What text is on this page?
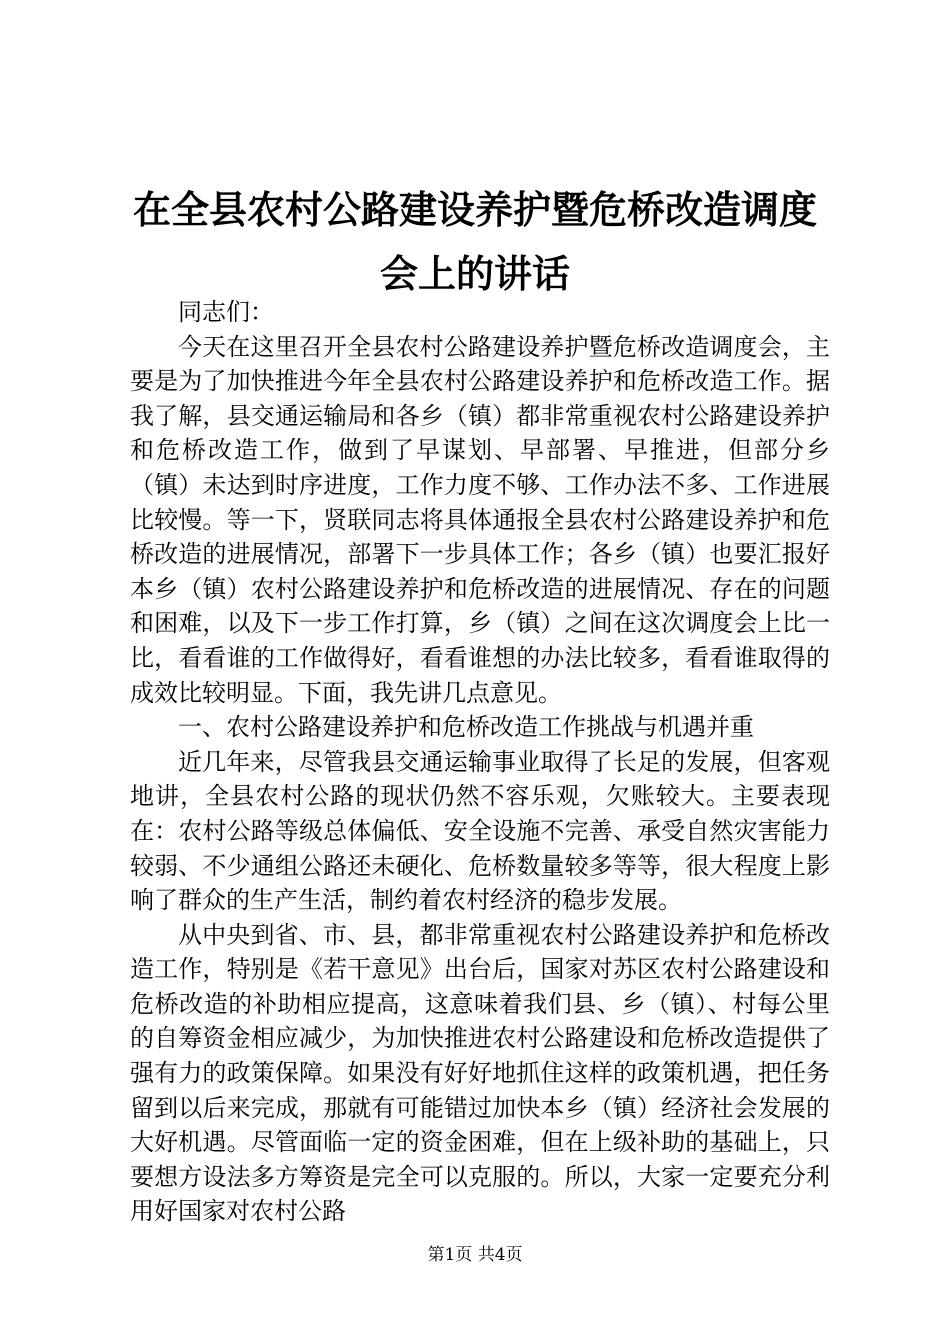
在全县农村公路建设养护暨危桥改造调度会上的讲话

同志们：

今天在这里召开全县农村公路建设养护暨危桥改造调度会，主要是为了加快推进今年全县农村公路建设养护和危桥改造工作。据我了解，县交通运输局和各乡（镇）都非常重视农村公路建设养护和危桥改造工作，做到了早谋划、早部署、早推进，但部分乡（镇）未达到时序进度，工作力度不够、工作办法不多、工作进展比较慢。等一下，贤联同志将具体通报全县农村公路建设养护和危桥改造的进展情况，部署下一步具体工作；各乡（镇）也要汇报好本乡（镇）农村公路建设养护和危桥改造的进展情况、存在的问题和困难，以及下一步工作打算，乡（镇）之间在这次调度会上比一比，看看谁的工作做得好，看看谁想的办法比较多，看看谁取得的成效比较明显。下面，我先讲几点意见。

一、农村公路建设养护和危桥改造工作挑战与机遇并重

近几年来，尽管我县交通运输事业取得了长足的发展，但客观地讲，全县农村公路的现状仍然不容乐观，欠账较大。主要表现在：农村公路等级总体偏低、安全设施不完善、承受自然灾害能力较弱、不少通组公路还未硬化、危桥数量较多等等，很大程度上影响了群众的生产生活，制约着农村经济的稳步发展。

从中央到省、市、县，都非常重视农村公路建设养护和危桥改造工作，特别是《若干意见》出台后，国家对苏区农村公路建设和危桥改造的补助相应提高，这意味着我们县、乡（镇）、村每公里的自筹资金相应减少，为加快推进农村公路建设和危桥改造提供了强有力的政策保障。如果没有好好地抓住这样的政策机遇，把任务留到以后来完成，那就有可能错过加快本乡（镇）经济社会发展的大好机遇。尽管面临一定的资金困难，但在上级补助的基础上，只要想方设法多方筹资是完全可以克服的。所以，大家一定要充分利用好国家对农村公路

第1页 共4页
